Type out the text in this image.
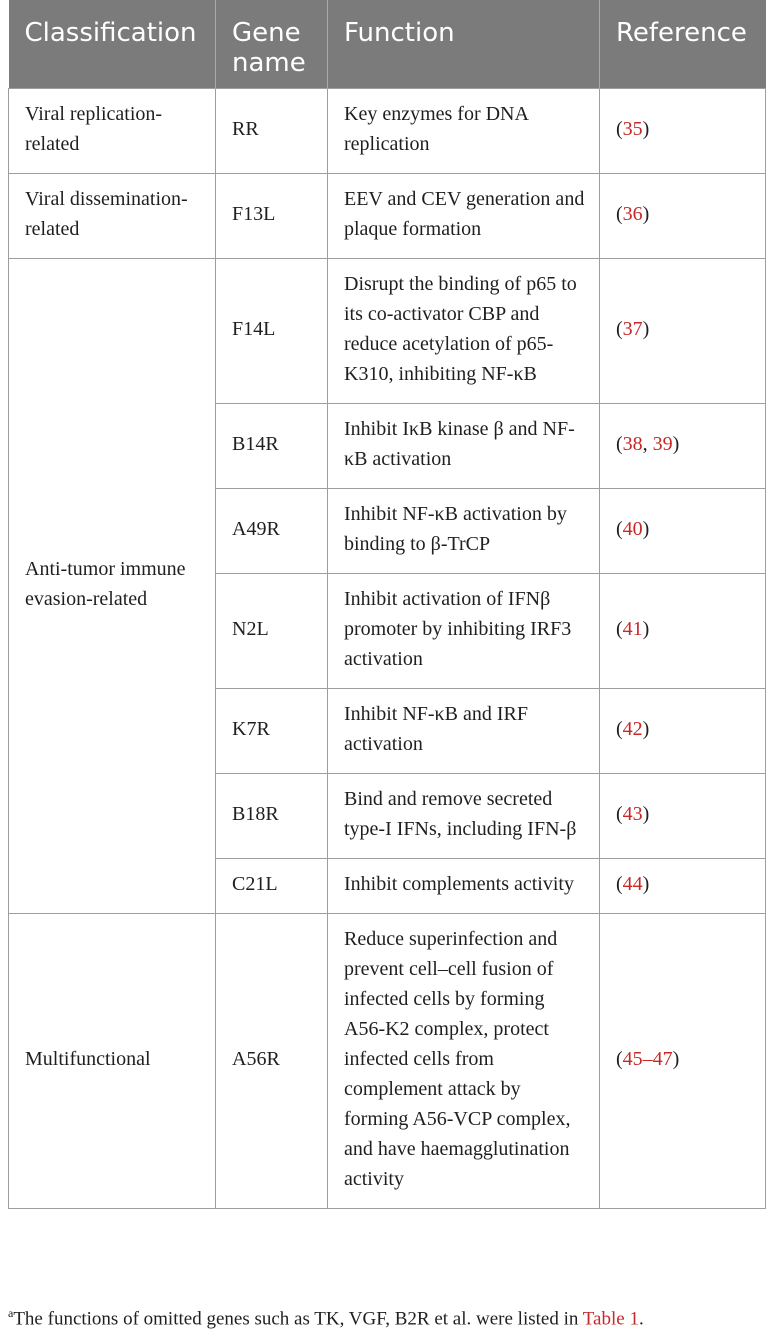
Classification	Gene name	Function	Reference
Viral replication-related	RR	Key enzymes for DNA replication	(35)
Viral dissemination-related	F13L	EEV and CEV generation and plaque formation	(36)
Anti-tumor immune evasion-related	F14L	Disrupt the binding of p65 to its co-activator CBP and reduce acetylation of p65-K310, inhibiting NF-κB	(37)
	B14R	Inhibit IκB kinase β and NF-κB activation	(38, 39)
	A49R	Inhibit NF-κB activation by binding to β-TrCP	(40)
	N2L	Inhibit activation of IFNβ promoter by inhibiting IRF3 activation	(41)
	K7R	Inhibit NF-κB and IRF activation	(42)
	B18R	Bind and remove secreted type-I IFNs, including IFN-β	(43)
	C21L	Inhibit complements activity	(44)
Multifunctional	A56R	Reduce superinfection and prevent cell–cell fusion of infected cells by forming A56-K2 complex, protect infected cells from complement attack by forming A56-VCP complex, and have haemagglutination activity	(45–47)
$^a$The functions of omitted genes such as TK, VGF, B2R et al. were listed in Table 1.
